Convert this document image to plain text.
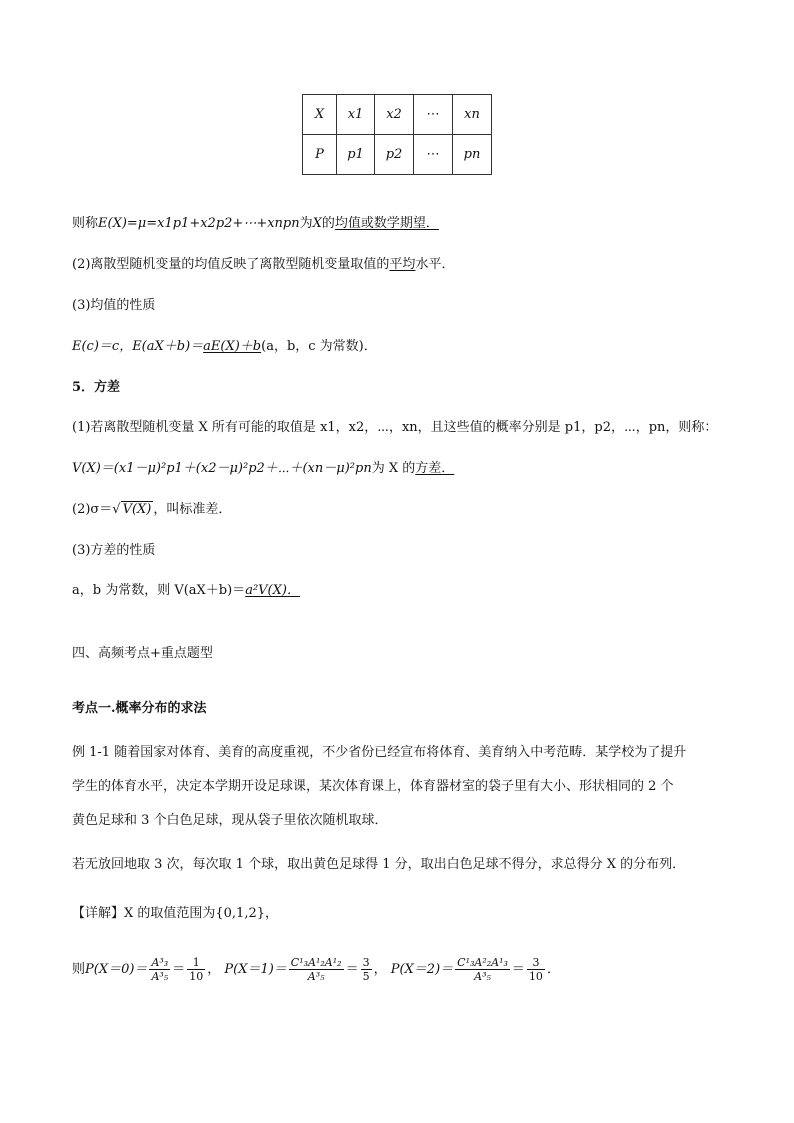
X	x1	x2	⋯	xn
P	p1	p2	⋯	pn
则称E(X)=μ=x1p1+x2p2+⋯+xnpn为X的均值或数学期望．
(2)离散型随机变量的均值反映了离散型随机变量取值的平均水平．
(3)均值的性质
E(c)＝c，E(aX＋b)＝aE(X)＋b(a，b，c 为常数)．
5．方差
(1)若离散型随机变量 X 所有可能的取值是 x1，x2，⋯，xn，且这些值的概率分别是 p1，p2，⋯，pn，则称：
V(X)＝(x1－μ)²p1＋(x2－μ)²p2＋⋯＋(xn－μ)²pn为 X 的方差．
(2)σ＝√ V(X) ，叫标准差．
(3)方差的性质
a，b 为常数，则 V(aX＋b)＝a²V(X)．
四、高频考点+重点题型
考点一.概率分布的求法
例 1-1 随着国家对体育、美育的高度重视，不少省份已经宣布将体育、美育纳入中考范畴．某学校为了提升
学生的体育水平，决定本学期开设足球课，某次体育课上，体育器材室的袋子里有大小、形状相同的 2 个
黄色足球和 3 个白色足球，现从袋子里依次随机取球．
若无放回地取 3 次，每次取 1 个球，取出黄色足球得 1 分，取出白色足球不得分，求总得分 X 的分布列．
【详解】X 的取值范围为{0,1,2}，
则$P(X=0)= \frac{\text{A³₃}}{\text{A³₅}} = \frac{1}{10}$ ， $P(X=1)= \frac{\text{C¹₃A¹₂A¹₂}}{\text{A³₅}} = \frac{3}{5}$ ， $P(X=2)= \frac{\text{C¹₃A²₂A¹₃}}{\text{A³₅}} = \frac{3}{10}$ ．
